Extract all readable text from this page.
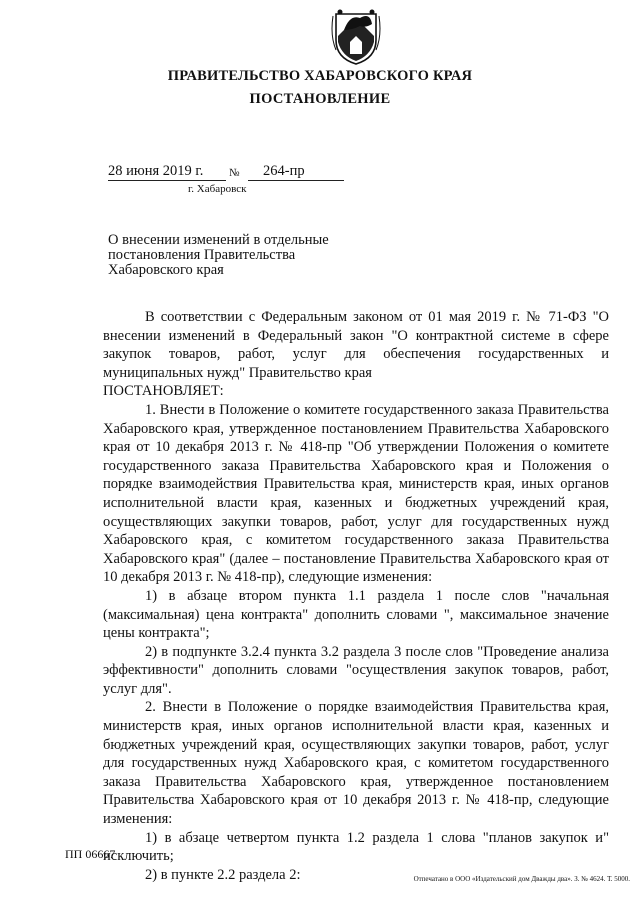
ПРАВИТЕЛЬСТВО ХАБАРОВСКОГО КРАЯ
ПОСТАНОВЛЕНИЕ
28 июня 2019 г. № 264-пр
г. Хабаровск
О внесении изменений в отдельные постановления Правительства Хабаровского края

В соответствии с Федеральным законом от 01 мая 2019 г. № 71-ФЗ "О внесении изменений в Федеральный закон "О контрактной системе в сфере закупок товаров, работ, услуг для обеспечения государственных и муниципальных нужд" Правительство края

ПОСТАНОВЛЯЕТ:

1. Внести в Положение о комитете государственного заказа Правительства Хабаровского края, утвержденное постановлением Правительства Хабаровского края от 10 декабря 2013 г. № 418-пр "Об утверждении Положения о комитете государственного заказа Правительства Хабаровского края и Положения о порядке взаимодействия Правительства края, министерств края, иных органов исполнительной власти края, казенных и бюджетных учреждений края, осуществляющих закупки товаров, работ, услуг для государственных нужд Хабаровского края, с комитетом государственного заказа Правительства Хабаровского края" (далее – постановление Правительства Хабаровского края от 10 декабря 2013 г. № 418-пр), следующие изменения:

1) в абзаце втором пункта 1.1 раздела 1 после слов "начальная (максимальная) цена контракта" дополнить словами ", максимальное значение цены контракта";

2) в подпункте 3.2.4 пункта 3.2 раздела 3 после слов "Проведение анализа эффективности" дополнить словами "осуществления закупок товаров, работ, услуг для".

2. Внести в Положение о порядке взаимодействия Правительства края, министерств края, иных органов исполнительной власти края, казенных и бюджетных учреждений края, осуществляющих закупки товаров, работ, услуг для государственных нужд Хабаровского края, с комитетом государственного заказа Правительства Хабаровского края, утвержденное постановлением Правительства Хабаровского края от 10 декабря 2013 г. № 418-пр, следующие изменения:

1) в абзаце четвертом пункта 1.2 раздела 1 слова "планов закупок и" исключить;

2) в пункте 2.2 раздела 2:

ПП 06667
Отпечатано в ООО «Издательский дом Дважды два». З. № 4624. Т. 5000.
